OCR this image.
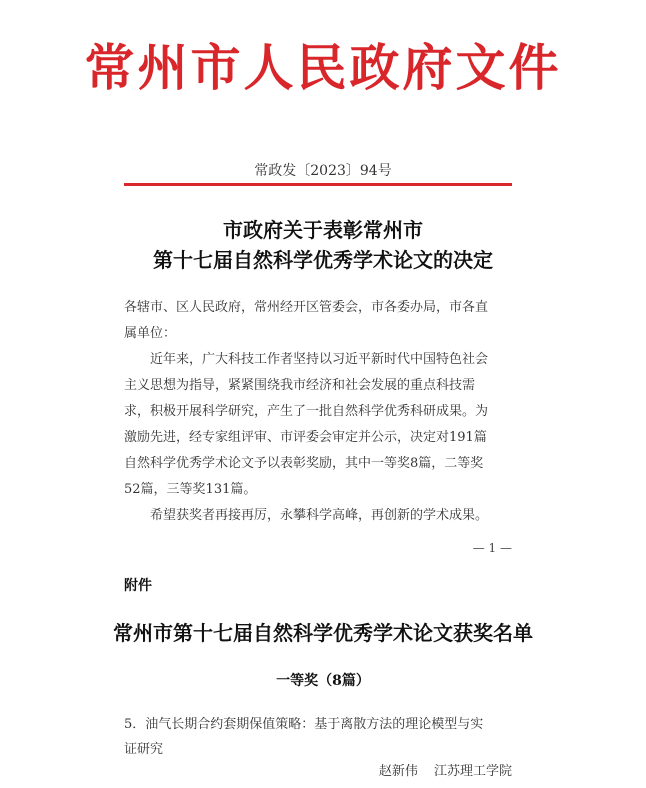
常州市人民政府文件
常政发〔2023〕94号
市政府关于表彰常州市
第十七届自然科学优秀学术论文的决定
各辖市、区人民政府，常州经开区管委会，市各委办局，市各直
属单位：
近年来，广大科技工作者坚持以习近平新时代中国特色社会
主义思想为指导，紧紧围绕我市经济和社会发展的重点科技需
求，积极开展科学研究，产生了一批自然科学优秀科研成果。为
激励先进，经专家组评审、市评委会审定并公示，决定对191篇
自然科学优秀学术论文予以表彰奖励，其中一等奖8篇，二等奖
52篇，三等奖131篇。
希望获奖者再接再厉，永攀科学高峰，再创新的学术成果。
— 1 —
附件
常州市第十七届自然科学优秀学术论文获奖名单
一等奖（8篇）
5．油气长期合约套期保值策略：基于离散方法的理论模型与实
证研究
赵新伟 江苏理工学院
